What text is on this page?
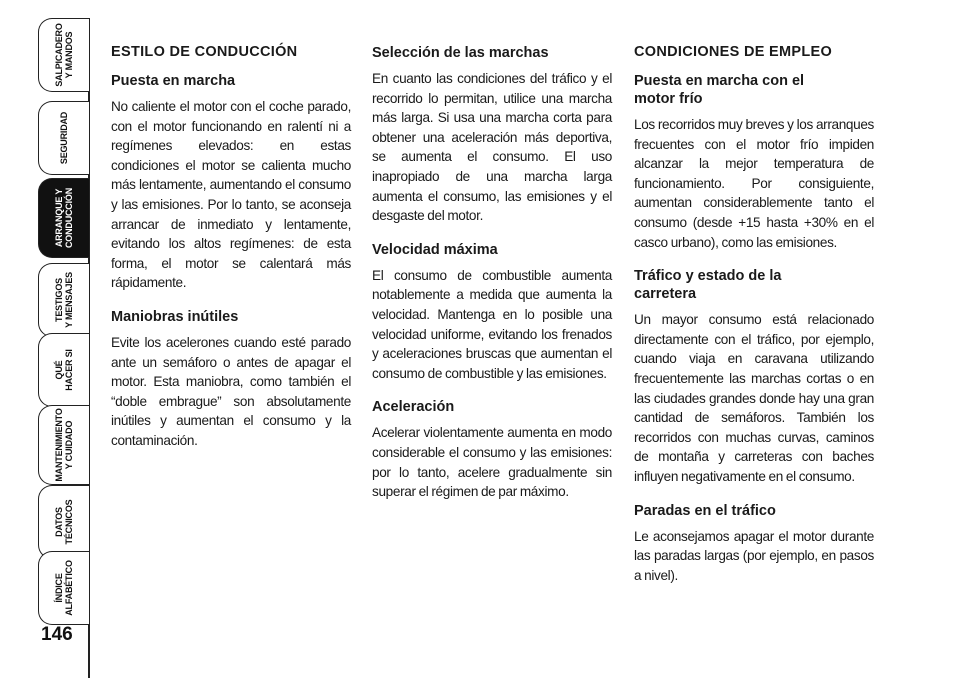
SALPICADERO
Y MANDOS
SEGURIDAD
ARRANQUE Y
CONDUCCIÓN
TESTIGOS
Y MENSAJES
QUÉ
HACER SI
MANTENIMIENTO
Y CUIDADO
DATOS
TÉCNICOS
ÍNDICE
ALFABÉTICO
146
ESTILO DE CONDUCCIÓN
Puesta en marcha

No caliente el motor con el coche parado, con el motor funcionando en ralentí ni a regímenes elevados: en estas condiciones el motor se calienta mucho más lentamente, aumentando el consumo y las emisiones. Por lo tanto, se aconseja arrancar de inmediato y lentamente, evitando los altos regímenes: de esta forma, el motor se calentará más rápidamente.

Maniobras inútiles

Evite los acelerones cuando esté parado ante un semáforo o antes de apagar el motor. Esta maniobra, como también el “doble embrague” son absolutamente inútiles y aumentan el consumo y la contaminación.

Selección de las marchas

En cuanto las condiciones del tráfico y el recorrido lo permitan, utilice una marcha más larga. Si usa una marcha corta para obtener una aceleración más deportiva, se aumenta el consumo. El uso inapropiado de una marcha larga aumenta el consumo, las emisiones y el desgaste del motor.

Velocidad máxima

El consumo de combustible aumenta notablemente a medida que aumenta la velocidad. Mantenga en lo posible una velocidad uniforme, evitando los frenados y aceleraciones bruscas que aumentan el consumo de combustible y las emisiones.

Aceleración

Acelerar violentamente aumenta en modo considerable el consumo y las emisiones: por lo tanto, acelere gradualmente sin superar el régimen de par máximo.

CONDICIONES DE EMPLEO
Puesta en marcha con el motor frío

Los recorridos muy breves y los arranques frecuentes con el motor frío impiden alcanzar la mejor temperatura de funcionamiento. Por consiguiente, aumentan considerablemente tanto el consumo (desde +15 hasta +30% en el casco urbano), como las emisiones.

Tráfico y estado de la carretera

Un mayor consumo está relacionado directamente con el tráfico, por ejemplo, cuando viaja en caravana utilizando frecuentemente las marchas cortas o en las ciudades grandes donde hay una gran cantidad de semáforos. También los recorridos con muchas curvas, caminos de montaña y carreteras con baches influyen negativamente en el consumo.

Paradas en el tráfico

Le aconsejamos apagar el motor durante las paradas largas (por ejemplo, en pasos a nivel).
